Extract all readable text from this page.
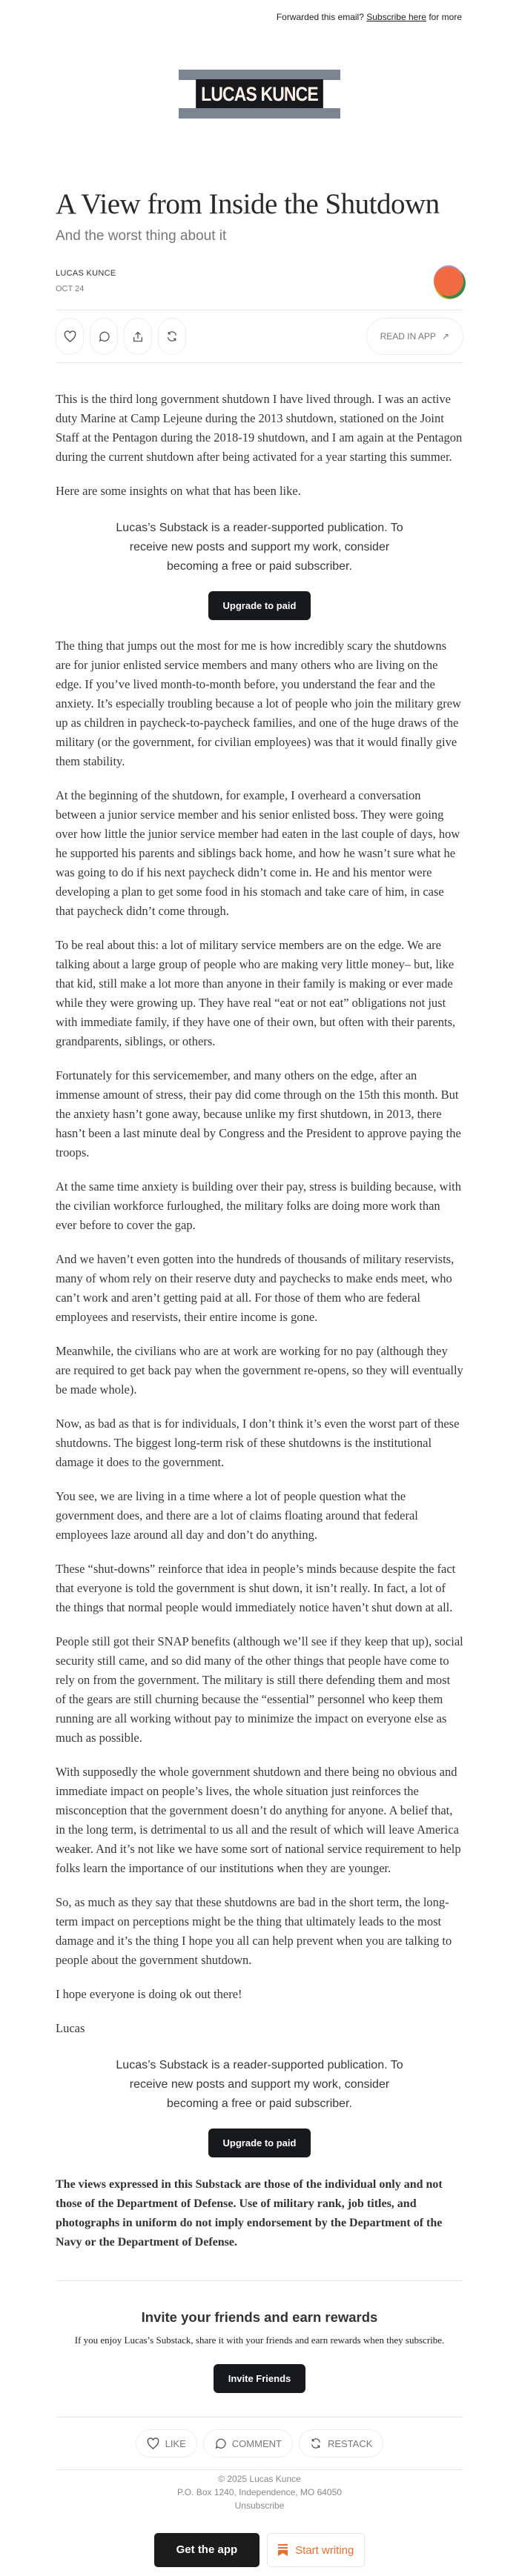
Forwarded this email? Subscribe here for more
LUCAS KUNCE
A View from Inside the Shutdown
And the worst thing about it
LUCAS KUNCE
OCT 24
READ IN APP ↗

This is the third long government shutdown I have lived through. I was an active duty Marine at Camp Lejeune during the 2013 shutdown, stationed on the Joint Staff at the Pentagon during the 2018-19 shutdown, and I am again at the Pentagon during the current shutdown after being activated for a year starting this summer.

Here are some insights on what that has been like.

Lucas’s Substack is a reader-supported publication. To receive new posts and support my work, consider becoming a free or paid subscriber.
Upgrade to paid

The thing that jumps out the most for me is how incredibly scary the shutdowns are for junior enlisted service members and many others who are living on the edge. If you’ve lived month-to-month before, you understand the fear and the anxiety. It’s especially troubling because a lot of people who join the military grew up as children in paycheck-to-paycheck families, and one of the huge draws of the military (or the government, for civilian employees) was that it would finally give them stability.

At the beginning of the shutdown, for example, I overheard a conversation between a junior service member and his senior enlisted boss. They were going over how little the junior service member had eaten in the last couple of days, how he supported his parents and siblings back home, and how he wasn’t sure what he was going to do if his next paycheck didn’t come in. He and his mentor were developing a plan to get some food in his stomach and take care of him, in case that paycheck didn’t come through.

To be real about this: a lot of military service members are on the edge. We are talking about a large group of people who are making very little money– but, like that kid, still make a lot more than anyone in their family is making or ever made while they were growing up. They have real “eat or not eat” obligations not just with immediate family, if they have one of their own, but often with their parents, grandparents, siblings, or others.

Fortunately for this servicemember, and many others on the edge, after an immense amount of stress, their pay did come through on the 15th this month. But the anxiety hasn’t gone away, because unlike my first shutdown, in 2013, there hasn’t been a last minute deal by Congress and the President to approve paying the troops.

At the same time anxiety is building over their pay, stress is building because, with the civilian workforce furloughed, the military folks are doing more work than ever before to cover the gap.

And we haven’t even gotten into the hundreds of thousands of military reservists, many of whom rely on their reserve duty and paychecks to make ends meet, who can’t work and aren’t getting paid at all. For those of them who are federal employees and reservists, their entire income is gone.

Meanwhile, the civilians who are at work are working for no pay (although they are required to get back pay when the government re-opens, so they will eventually be made whole).

Now, as bad as that is for individuals, I don’t think it’s even the worst part of these shutdowns. The biggest long-term risk of these shutdowns is the institutional damage it does to the government.

You see, we are living in a time where a lot of people question what the government does, and there are a lot of claims floating around that federal employees laze around all day and don’t do anything.

These “shut-downs” reinforce that idea in people’s minds because despite the fact that everyone is told the government is shut down, it isn’t really. In fact, a lot of the things that normal people would immediately notice haven’t shut down at all.

People still got their SNAP benefits (although we’ll see if they keep that up), social security still came, and so did many of the other things that people have come to rely on from the government. The military is still there defending them and most of the gears are still churning because the “essential” personnel who keep them running are all working without pay to minimize the impact on everyone else as much as possible.

With supposedly the whole government shutdown and there being no obvious and immediate impact on people’s lives, the whole situation just reinforces the misconception that the government doesn’t do anything for anyone. A belief that, in the long term, is detrimental to us all and the result of which will leave America weaker. And it’s not like we have some sort of national service requirement to help folks learn the importance of our institutions when they are younger.

So, as much as they say that these shutdowns are bad in the short term, the long-term impact on perceptions might be the thing that ultimately leads to the most damage and it’s the thing I hope you all can help prevent when you are talking to people about the government shutdown.

I hope everyone is doing ok out there!

Lucas

Lucas’s Substack is a reader-supported publication. To receive new posts and support my work, consider becoming a free or paid subscriber.
Upgrade to paid
The views expressed in this Substack are those of the individual only and not those of the Department of Defense. Use of military rank, job titles, and photographs in uniform do not imply endorsement by the Department of the Navy or the Department of Defense.
Invite your friends and earn rewards
If you enjoy Lucas’s Substack, share it with your friends and earn rewards when they subscribe.
Invite Friends
LIKE	COMMENT	RESTACK
© 2025 Lucas Kunce
P.O. Box 1240, Independence, MO 64050
Unsubscribe
Get the app	Start writing
